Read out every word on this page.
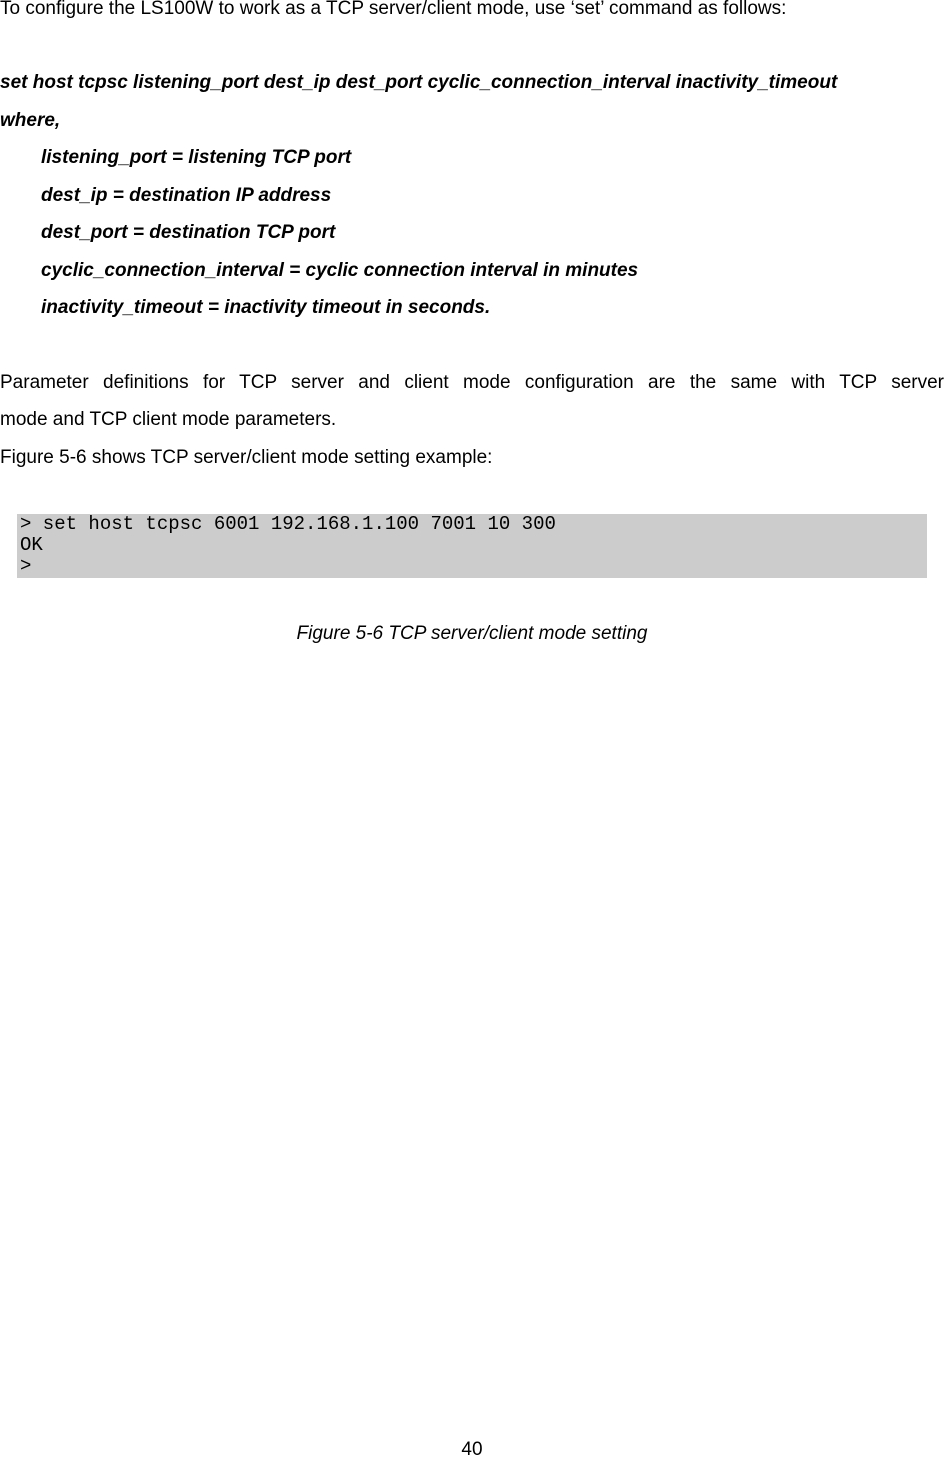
To configure the LS100W to work as a TCP server/client mode, use ‘set’ command as follows:
set host tcpsc listening_port dest_ip dest_port cyclic_connection_interval inactivity_timeout
where,
listening_port = listening TCP port
dest_ip = destination IP address
dest_port = destination TCP port
cyclic_connection_interval = cyclic connection interval in minutes
inactivity_timeout = inactivity timeout in seconds.
Parameter definitions for TCP server and client mode configuration are the same with TCP server
mode and TCP client mode parameters.
Figure 5-6 shows TCP server/client mode setting example:
> set host tcpsc 6001 192.168.1.100 7001 10 300
OK
>
Figure 5-6 TCP server/client mode setting
40
